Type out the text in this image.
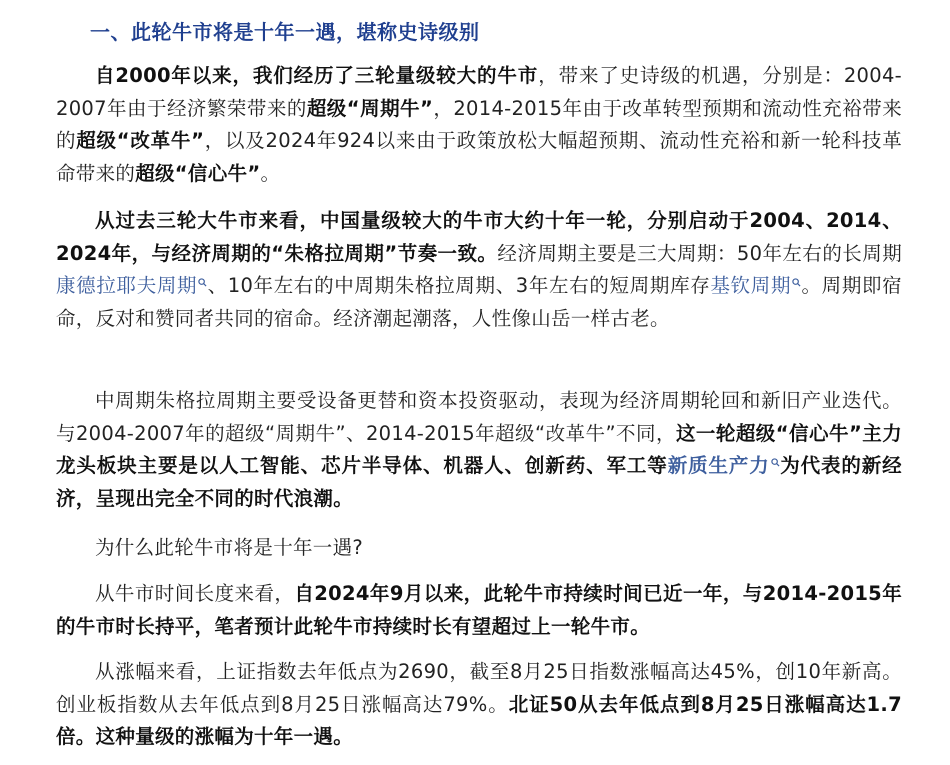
一、此轮牛市将是十年一遇，堪称史诗级别

自2000年以来，我们经历了三轮量级较大的牛市，带来了史诗级的机遇，分别是：2004-2007年由于经济繁荣带来的超级“周期牛”，2014-2015年由于改革转型预期和流动性充裕带来的超级“改革牛”，以及2024年924以来由于政策放松大幅超预期、流动性充裕和新一轮科技革命带来的超级“信心牛”。

从过去三轮大牛市来看，中国量级较大的牛市大约十年一轮，分别启动于2004、2014、2024年，与经济周期的“朱格拉周期”节奏一致。经济周期主要是三大周期：50年左右的长周期康德拉耶夫周期 、10年左右的中周期朱格拉周期、3年左右的短周期库存基钦周期 。周期即宿命，反对和赞同者共同的宿命。经济潮起潮落，人性像山岳一样古老。

中周期朱格拉周期主要受设备更替和资本投资驱动，表现为经济周期轮回和新旧产业迭代。与2004-2007年的超级“周期牛”、2014-2015年超级“改革牛”不同，这一轮超级“信心牛”主力龙头板块主要是以人工智能、芯片半导体、机器人、创新药、军工等新质生产力 为代表的新经济，呈现出完全不同的时代浪潮。

为什么此轮牛市将是十年一遇?

从牛市时间长度来看，自2024年9月以来，此轮牛市持续时间已近一年，与2014-2015年的牛市时长持平，笔者预计此轮牛市持续时长有望超过上一轮牛市。

从涨幅来看，上证指数去年低点为2690，截至8月25日指数涨幅高达45%，创10年新高。创业板指数从去年低点到8月25日涨幅高达79%。北证50从去年低点到8月25日涨幅高达1.7倍。这种量级的涨幅为十年一遇。
